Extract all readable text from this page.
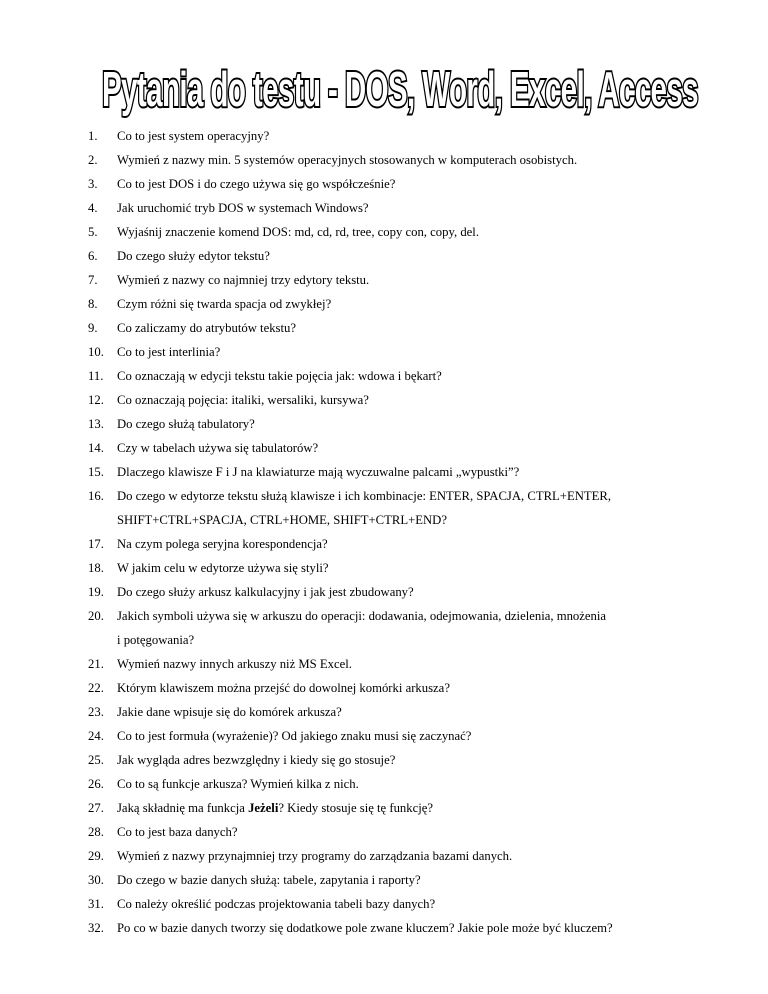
Pytania do testu - DOS, Word, Excel, Access
1. Co to jest system operacyjny?
2. Wymień z nazwy min. 5 systemów operacyjnych stosowanych w komputerach osobistych.
3. Co to jest DOS i do czego używa się go współcześnie?
4. Jak uruchomić tryb DOS w systemach Windows?
5. Wyjaśnij znaczenie komend DOS: md, cd, rd, tree, copy con, copy, del.
6. Do czego służy edytor tekstu?
7. Wymień z nazwy co najmniej trzy edytory tekstu.
8. Czym różni się twarda spacja od zwykłej?
9. Co zaliczamy do atrybutów tekstu?
10. Co to jest interlinia?
11. Co oznaczają w edycji tekstu takie pojęcia jak: wdowa i bękart?
12. Co oznaczają pojęcia: italiki, wersaliki, kursywa?
13. Do czego służą tabulatory?
14. Czy w tabelach używa się tabulatorów?
15. Dlaczego klawisze F i J na klawiaturze mają wyczuwalne palcami „wypustki”?
16. Do czego w edytorze tekstu służą klawisze i ich kombinacje: ENTER, SPACJA, CTRL+ENTER,
SHIFT+CTRL+SPACJA, CTRL+HOME, SHIFT+CTRL+END?
17. Na czym polega seryjna korespondencja?
18. W jakim celu w edytorze używa się styli?
19. Do czego służy arkusz kalkulacyjny i jak jest zbudowany?
20. Jakich symboli używa się w arkuszu do operacji: dodawania, odejmowania, dzielenia, mnożenia
i potęgowania?
21. Wymień nazwy innych arkuszy niż MS Excel.
22. Którym klawiszem można przejść do dowolnej komórki arkusza?
23. Jakie dane wpisuje się do komórek arkusza?
24. Co to jest formuła (wyrażenie)? Od jakiego znaku musi się zaczynać?
25. Jak wygląda adres bezwzględny i kiedy się go stosuje?
26. Co to są funkcje arkusza? Wymień kilka z nich.
27. Jaką składnię ma funkcja Jeżeli? Kiedy stosuje się tę funkcję?
28. Co to jest baza danych?
29. Wymień z nazwy przynajmniej trzy programy do zarządzania bazami danych.
30. Do czego w bazie danych służą: tabele, zapytania i raporty?
31. Co należy określić podczas projektowania tabeli bazy danych?
32. Po co w bazie danych tworzy się dodatkowe pole zwane kluczem? Jakie pole może być kluczem?
